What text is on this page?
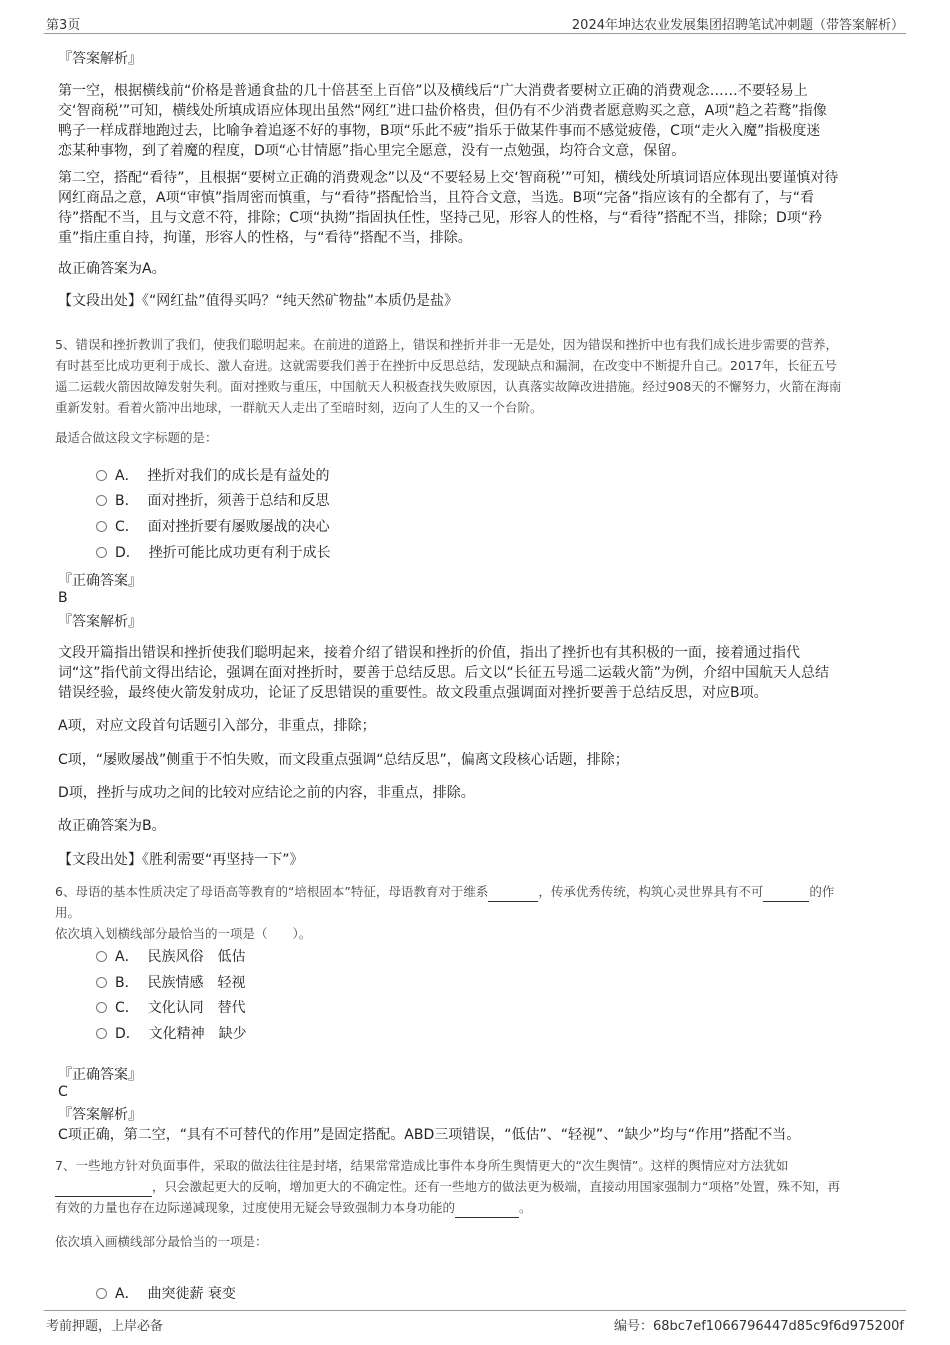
第3页	2024年坤达农业发展集团招聘笔试冲刺题（带答案解析）
『答案解析』
第一空，根据横线前“价格是普通食盐的几十倍甚至上百倍”以及横线后“广大消费者要树立正确的消费观念……不要轻易上
交‘智商税’”可知，横线处所填成语应体现出虽然“网红”进口盐价格贵，但仍有不少消费者愿意购买之意，A项“趋之若鹜”指像
鸭子一样成群地跑过去，比喻争着追逐不好的事物，B项“乐此不疲”指乐于做某件事而不感觉疲倦，C项“走火入魔”指极度迷
恋某种事物，到了着魔的程度，D项“心甘情愿”指心里完全愿意，没有一点勉强，均符合文意，保留。
第二空，搭配“看待”，且根据“要树立正确的消费观念”以及“不要轻易上交‘智商税’”可知，横线处所填词语应体现出要谨慎对待
网红商品之意，A项“审慎”指周密而慎重，与“看待”搭配恰当，且符合文意，当选。B项“完备”指应该有的全都有了，与“看
待”搭配不当，且与文意不符，排除；C项“执拗”指固执任性，坚持己见，形容人的性格，与“看待”搭配不当，排除；D项“矜
重”指庄重自持，拘谨，形容人的性格，与“看待”搭配不当，排除。
故正确答案为A。
【文段出处】《“网红盐”值得买吗？“纯天然矿物盐”本质仍是盐》
5、错误和挫折教训了我们，使我们聪明起来。在前进的道路上，错误和挫折并非一无是处，因为错误和挫折中也有我们成长进步需要的营养，
有时甚至比成功更利于成长、激人奋进。这就需要我们善于在挫折中反思总结，发现缺点和漏洞，在改变中不断提升自己。2017年，长征五号
遥二运载火箭因故障发射失利。面对挫败与重压，中国航天人积极查找失败原因，认真落实故障改进措施。经过908天的不懈努力，火箭在海南
重新发射。看着火箭冲出地球，一群航天人走出了至暗时刻，迈向了人生的又一个台阶。
最适合做这段文字标题的是：
A． 挫折对我们的成长是有益处的
B． 面对挫折，须善于总结和反思
C． 面对挫折要有屡败屡战的决心
D． 挫折可能比成功更有利于成长
『正确答案』
B
『答案解析』
文段开篇指出错误和挫折使我们聪明起来，接着介绍了错误和挫折的价值，指出了挫折也有其积极的一面，接着通过指代
词“这”指代前文得出结论，强调在面对挫折时，要善于总结反思。后文以“长征五号遥二运载火箭”为例，介绍中国航天人总结
错误经验，最终使火箭发射成功，论证了反思错误的重要性。故文段重点强调面对挫折要善于总结反思，对应B项。
A项，对应文段首句话题引入部分，非重点，排除；
C项，“屡败屡战”侧重于不怕失败，而文段重点强调“总结反思”，偏离文段核心话题，排除；
D项，挫折与成功之间的比较对应结论之前的内容，非重点，排除。
故正确答案为B。
【文段出处】《胜利需要“再坚持一下”》
6、母语的基本性质决定了母语高等教育的“培根固本”特征，母语教育对于维系	，传承优秀传统，构筑心灵世界具有不可	的作
用。
依次填入划横线部分最恰当的一项是（　　）。
A． 民族风俗　低估
B． 民族情感　轻视
C． 文化认同　替代
D． 文化精神　缺少
『正确答案』
C
『答案解析』
C项正确，第二空，“具有不可替代的作用”是固定搭配。ABD三项错误，“低估”、“轻视”、“缺少”均与“作用”搭配不当。
7、一些地方针对负面事件，采取的做法往往是封堵，结果常常造成比事件本身所生舆情更大的“次生舆情”。这样的舆情应对方法犹如
，只会激起更大的反响，增加更大的不确定性。还有一些地方的做法更为极端，直接动用国家强制力“项格”处置，殊不知，再
有效的力量也存在边际递减现象，过度使用无疑会导致强制力本身功能的	。
依次填入画横线部分最恰当的一项是：
A． 曲突徙薪 衰变
考前押题，上岸必备	编号：68bc7ef1066796447d85c9f6d975200f
